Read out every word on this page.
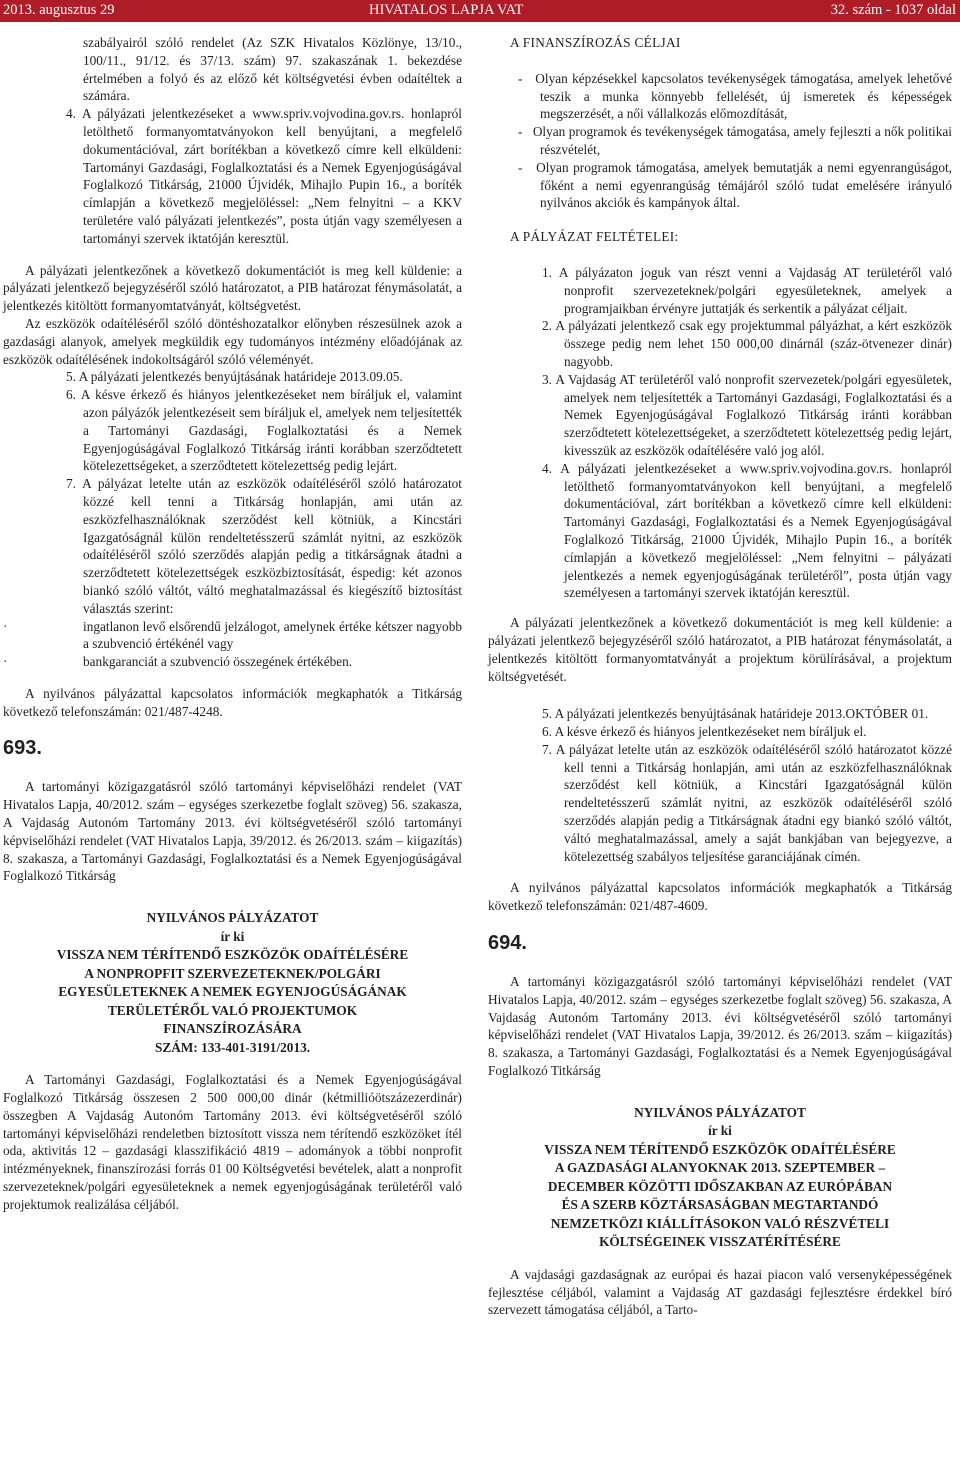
2013. augusztus 29	HIVATALOS LAPJA VAT	32. szám - 1037 oldal

szabályairól szóló rendelet (Az SZK Hivatalos Közlönye, 13/10., 100/11., 91/12. és 37/13. szám) 97. szakaszának 1. bekezdése értelmében a folyó és az előző két költségvetési évben odaítéltek a számára.

4. A pályázati jelentkezéseket a www.spriv.vojvodina.gov.rs. honlapról letölthető formanyomtatványokon kell benyújtani, a megfelelő dokumentációval, zárt borítékban a következő címre kell elküldeni: Tartományi Gazdasági, Foglalkoztatási és a Nemek Egyenjogúságával Foglalkozó Titkárság, 21000 Újvidék, Mihajlo Pupin 16., a boríték címlapján a következő megjelöléssel: „Nem felnyitni – a KKV területére való pályázati jelentkezés”, posta útján vagy személyesen a tartományi szervek iktatóján keresztül.

A pályázati jelentkezőnek a következő dokumentációt is meg kell küldenie: a pályázati jelentkező bejegyzéséről szóló határozatot, a PIB határozat fénymásolatát, a jelentkezés kitöltött formanyomtatványát, költségvetést.

Az eszközök odaítéléséről szóló döntéshozatalkor előnyben részesülnek azok a gazdasági alanyok, amelyek megküldik egy tudományos intézmény előadójának az eszközök odaítélésének indokoltságáról szóló véleményét.

5. A pályázati jelentkezés benyújtásának határideje 2013.09.05.

6. A késve érkező és hiányos jelentkezéseket nem bíráljuk el, valamint azon pályázók jelentkezéseit sem bíráljuk el, amelyek nem teljesítették a Tartományi Gazdasági, Foglalkoztatási és a Nemek Egyenjogúságával Foglalkozó Titkárság iránti korábban szerződtetett kötelezettségeket, a szerződtetett kötelezettség pedig lejárt.

7. A pályázat letelte után az eszközök odaítéléséről szóló határozatot közzé kell tenni a Titkárság honlapján, ami után az eszközfelhasználóknak szerződést kell kötniük, a Kincstári Igazgatóságnál külön rendeltetésszerű számlát nyitni, az eszközök odaítéléséről szóló szerződés alapján pedig a titkárságnak átadni a szerződtetett kötelezettségek eszközbiztosítását, éspedig: két azonos biankó szóló váltót, váltó meghatalmazással és kiegészítő biztosítást választás szerint:

·	ingatlanon levő elsőrendű jelzálogot, amelynek értéke kétszer nagyobb a szubvenció értékénél vagy

·	bankgaranciát a szubvenció összegének értékében.

A nyilvános pályázattal kapcsolatos információk megkaphatók a Titkárság következő telefonszámán: 021/487-4248.

693.

A tartományi közigazgatásról szóló tartományi képviselőházi rendelet (VAT Hivatalos Lapja, 40/2012. szám – egységes szerkezetbe foglalt szöveg) 56. szakasza, A Vajdaság Autonóm Tartomány 2013. évi költségvetéséről szóló tartományi képviselőházi rendelet (VAT Hivatalos Lapja, 39/2012. és 26/2013. szám – kiigazítás) 8. szakasza, a Tartományi Gazdasági, Foglalkoztatási és a Nemek Egyenjogúságával Foglalkozó Titkárság

NYILVÁNOS PÁLYÁZATOT
ír ki
VISSZA NEM TÉRÍTENDŐ ESZKÖZÖK ODAÍTÉLÉSÉRE
A NONPROPFIT SZERVEZETEKNEK/POLGÁRI
EGYESÜLETEKNEK A NEMEK EGYENJOGÚSÁGÁNAK
TERÜLETÉRŐL VALÓ PROJEKTUMOK
FINANSZÍROZÁSÁRA
SZÁM: 133-401-3191/2013.

A Tartományi Gazdasági, Foglalkoztatási és a Nemek Egyenjogúságával Foglalkozó Titkárság összesen 2 500 000,00 dinár (kétmillióötszázezerdinár) összegben A Vajdaság Autonóm Tartomány 2013. évi költségvetéséről szóló tartományi képviselőházi rendeletben biztosított vissza nem térítendő eszközöket ítél oda, aktivitás 12 – gazdasági klasszifikáció 4819 – adományok a többi nonprofit intézményeknek, finanszírozási forrás 01 00 Költségvetési bevételek, alatt a nonprofit szervezeteknek/polgári egyesületeknek a nemek egyenjogúságának területéről való projektumok realizálása céljából.

A FINANSZÍROZÁS CÉLJAI

- Olyan képzésekkel kapcsolatos tevékenységek támogatása, amelyek lehetővé teszik a munka könnyebb fellelését, új ismeretek és képességek megszerzését, a női vállalkozás előmozdítását,

- Olyan programok és tevékenységek támogatása, amely fejleszti a nők politikai részvételét,

- Olyan programok támogatása, amelyek bemutatják a nemi egyenrangúságot, főként a nemi egyenrangúság témájáról szóló tudat emelésére irányuló nyilvános akciók és kampányok által.

A PÁLYÁZAT FELTÉTELEI:

1. A pályázaton joguk van részt venni a Vajdaság AT területéről való nonprofit szervezeteknek/polgári egyesületeknek, amelyek a programjaikban érvényre juttatják és serkentik a pályázat céljait.

2. A pályázati jelentkező csak egy projektummal pályázhat, a kért eszközök összege pedig nem lehet 150 000,00 dinárnál (száz-ötvenezer dinár) nagyobb.

3. A Vajdaság AT területéről való nonprofit szervezetek/polgári egyesületek, amelyek nem teljesítették a Tartományi Gazdasági, Foglalkoztatási és a Nemek Egyenjogúságával Foglalkozó Titkárság iránti korábban szerződtetett kötelezettségeket, a szerződtetett kötelezettség pedig lejárt, kivesszük az eszközök odaítélésére való jog alól.

4. A pályázati jelentkezéseket a www.spriv.vojvodina.gov.rs. honlapról letölthető formanyomtatványokon kell benyújtani, a megfelelő dokumentációval, zárt borítékban a következő címre kell elküldeni: Tartományi Gazdasági, Foglalkoztatási és a Nemek Egyenjogúságával Foglalkozó Titkárság, 21000 Újvidék, Mihajlo Pupin 16., a boríték címlapján a következő megjelöléssel: „Nem felnyitni – pályázati jelentkezés a nemek egyenjogúságának területéről”, posta útján vagy személyesen a tartományi szervek iktatóján keresztül.

A pályázati jelentkezőnek a következő dokumentációt is meg kell küldenie: a pályázati jelentkező bejegyzéséről szóló határozatot, a PIB határozat fénymásolatát, a jelentkezés kitöltött formanyomtatványát a projektum körülírásával, a projektum költségvetését.

5. A pályázati jelentkezés benyújtásának határideje 2013.OKTÓBER 01.

6. A késve érkező és hiányos jelentkezéseket nem bíráljuk el.

7. A pályázat letelte után az eszközök odaítéléséről szóló határozatot közzé kell tenni a Titkárság honlapján, ami után az eszközfelhasználóknak szerződést kell kötniük, a Kincstári Igazgatóságnál külön rendeltetésszerű számlát nyitni, az eszközök odaítéléséről szóló szerződés alapján pedig a Titkárságnak átadni egy biankó szóló váltót, váltó meghatalmazással, amely a saját bankjában van bejegyezve, a kötelezettség szabályos teljesítése garanciájának címén.

A nyilvános pályázattal kapcsolatos információk megkaphatók a Titkárság következő telefonszámán: 021/487-4609.

694.

A tartományi közigazgatásról szóló tartományi képviselőházi rendelet (VAT Hivatalos Lapja, 40/2012. szám – egységes szerkezetbe foglalt szöveg) 56. szakasza, A Vajdaság Autonóm Tartomány 2013. évi költségvetéséről szóló tartományi képviselőházi rendelet (VAT Hivatalos Lapja, 39/2012. és 26/2013. szám – kiigazítás) 8. szakasza, a Tartományi Gazdasági, Foglalkoztatási és a Nemek Egyenjogúságával Foglalkozó Titkárság

NYILVÁNOS PÁLYÁZATOT
ír ki
VISSZA NEM TÉRÍTENDŐ ESZKÖZÖK ODAÍTÉLÉSÉRE
A GAZDASÁGI ALANYOKNAK 2013. SZEPTEMBER –
DECEMBER KÖZÖTTI IDŐSZAKBAN AZ EURÓPÁBAN
ÉS A SZERB KÖZTÁRSASÁGBAN MEGTARTANDÓ
NEMZETKÖZI KIÁLLÍTÁSOKON VALÓ RÉSZVÉTELI
KÖLTSÉGEINEK VISSZATÉRÍTÉSÉRE

A vajdasági gazdaságnak az európai és hazai piacon való versenyképességének fejlesztése céljából, valamint a Vajdaság AT gazdasági fejlesztésre érdekkel bíró szervezett támogatása céljából, a Tarto-
